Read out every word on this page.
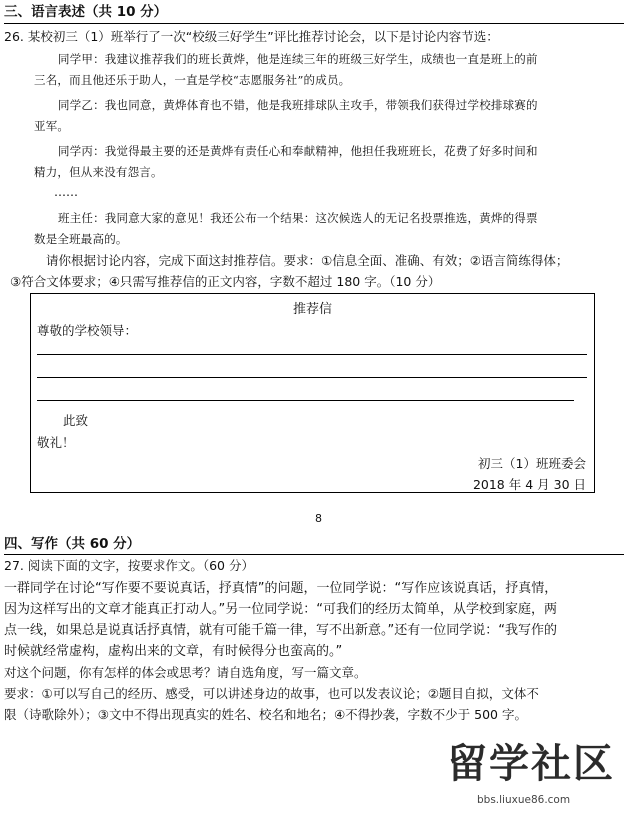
三、语言表述（共 10 分）
26. 某校初三（1）班举行了一次“校级三好学生”评比推荐讨论会，以下是讨论内容节选：
同学甲：我建议推荐我们的班长黄烨，他是连续三年的班级三好学生，成绩也一直是班上的前
三名，而且他还乐于助人，一直是学校“志愿服务社”的成员。
同学乙：我也同意，黄烨体育也不错，他是我班排球队主攻手，带领我们获得过学校排球赛的
亚军。
同学丙：我觉得最主要的还是黄烨有责任心和奉献精神，他担任我班班长，花费了好多时间和
精力，但从来没有怨言。
……
班主任：我同意大家的意见！我还公布一个结果：这次候选人的无记名投票推选，黄烨的得票
数是全班最高的。

请你根据讨论内容，完成下面这封推荐信。要求：①信息全面、准确、有效；②语言简练得体；

③符合文体要求；④只需写推荐信的正文内容，字数不超过 180 字。（10 分）

推荐信
尊敬的学校领导：
此致
敬礼！
初三（1）班班委会
2018 年 4 月 30 日
8
四、写作（共 60 分）
27. 阅读下面的文字，按要求作文。（60 分）

一群同学在讨论“写作要不要说真话，抒真情”的问题，一位同学说：“写作应该说真话，抒真情，

因为这样写出的文章才能真正打动人。”另一位同学说：“可我们的经历太简单，从学校到家庭，两

点一线，如果总是说真话抒真情，就有可能千篇一律，写不出新意。”还有一位同学说：“我写作的

时候就经常虚构，虚构出来的文章，有时候得分也蛮高的。”

对这个问题，你有怎样的体会或思考？请自选角度，写一篇文章。

要求：①可以写自己的经历、感受，可以讲述身边的故事，也可以发表议论；②题目自拟，文体不

限（诗歌除外）；③文中不得出现真实的姓名、校名和地名；④不得抄袭，字数不少于 500 字。

留学社区
bbs.liuxue86.com
